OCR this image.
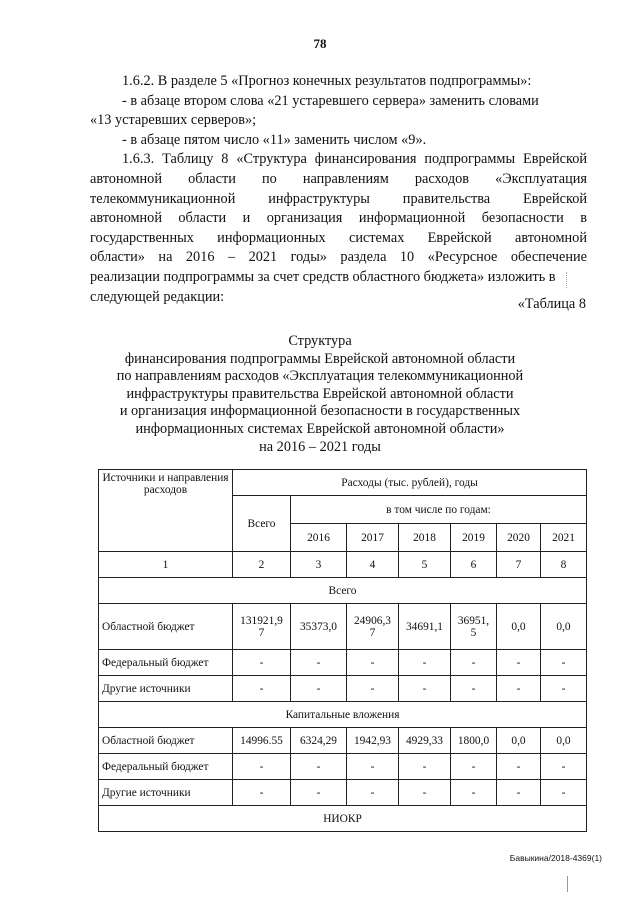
78
1.6.2. В разделе 5 «Прогноз конечных результатов подпрограммы»:
- в абзаце втором слова «21 устаревшего сервера» заменить словами
«13 устаревших серверов»;
- в абзаце пятом число «11» заменить числом «9».
1.6.3. Таблицу 8 «Структура финансирования подпрограммы Еврейской
автономной области по направлениям расходов «Эксплуатация
телекоммуникационной инфраструктуры правительства Еврейской
автономной области и организация информационной безопасности в
государственных информационных системах Еврейской автономной
области» на 2016 – 2021 годы» раздела 10 «Ресурсное обеспечение
реализации подпрограммы за счет средств областного бюджета» изложить в
следующей редакции:	«Таблица 8
Структура
финансирования подпрограммы Еврейской автономной области
по направлениям расходов «Эксплуатация телекоммуникационной
инфраструктуры правительства Еврейской автономной области
и организация информационной безопасности в государственных
информационных системах Еврейской автономной области»
на 2016 – 2021 годы
Источники и направления расходов	Расходы (тыс. рублей), годы						
	Всего	в том числе по годам:					
		2016	2017	2018	2019	2020	2021
1	2	3	4	5	6	7	8
Всего							
Областной бюджет	131921,9 7	35373,0	24906,3 7	34691,1	36951, 5	0,0	0,0
Федеральный бюджет	-	-	-	-	-	-	-
Другие источники	-	-	-	-	-	-	-
Капитальные вложения							
Областной бюджет	14996.55	6324,29	1942,93	4929,33	1800,0	0,0	0,0
Федеральный бюджет	-	-	-	-	-	-	-
Другие источники	-	-	-	-	-	-	-
НИОКР							
Бавыкина/2018-4369(1)
